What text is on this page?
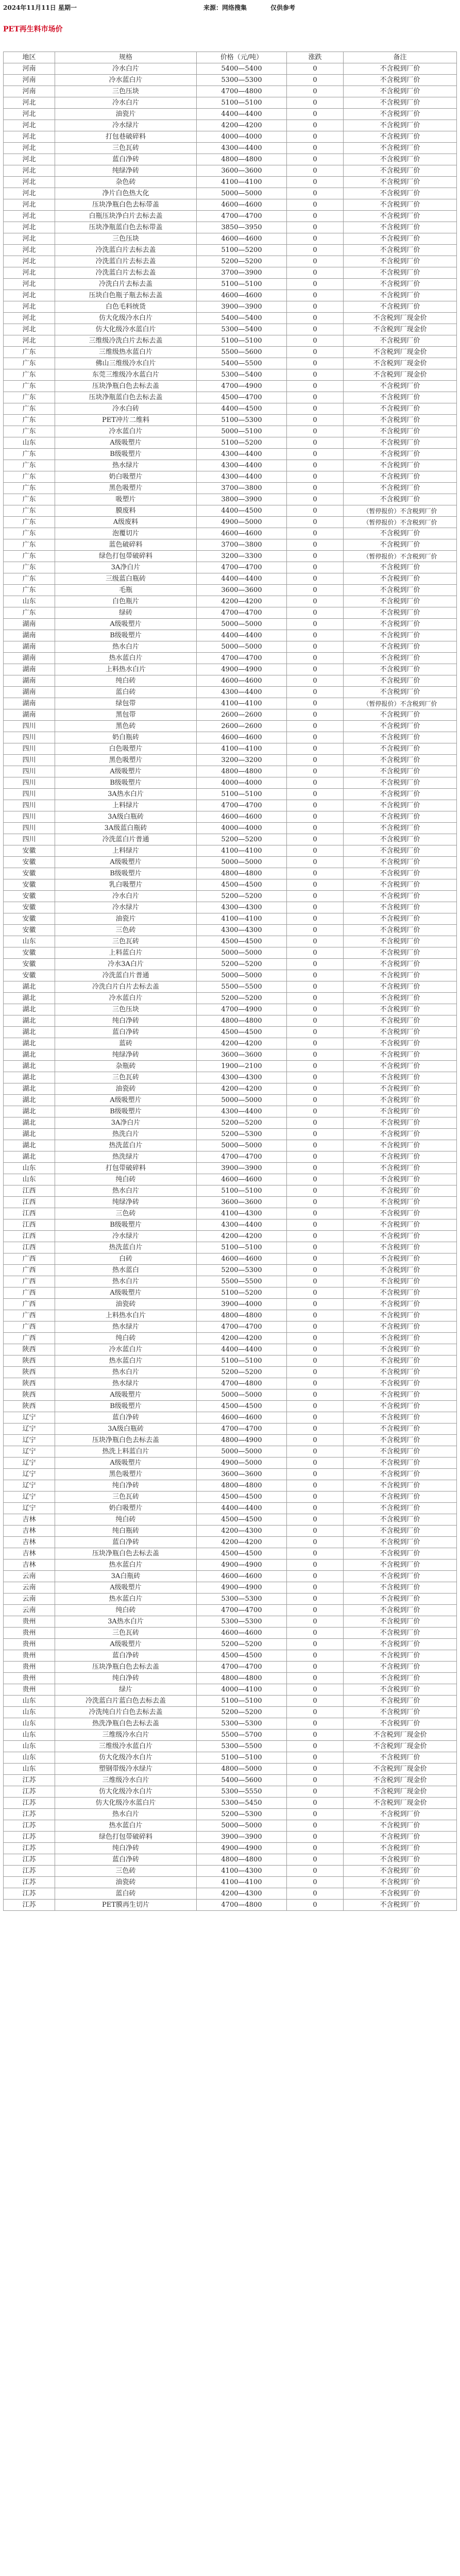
2024年11月11日 星期一	来源：网络搜集	仅供参考
PET再生料市场价
地区	规格	价格（元/吨）	涨跌	备注
河南	冷水白片	5400—5400	0	不含税到厂价
河南	冷水蓝白片	5300—5300	0	不含税到厂价
河南	三色压块	4700—4800	0	不含税到厂价
河北	冷水白片	5100—5100	0	不含税到厂价
河北	油瓷片	4400—4400	0	不含税到厂价
河北	冷水绿片	4200—4200	0	不含税到厂价
河北	打包巷破碎料	4000—4000	0	不含税到厂价
河北	三色瓦砖	4300—4400	0	不含税到厂价
河北	蓝白净砖	4800—4800	0	不含税到厂价
河北	纯绿净砖	3600—3600	0	不含税到厂价
河北	杂色砖	4100—4100	0	不含税到厂价
河北	净片白色热大化	5000—5000	0	不含税到厂价
河北	压块净瓶白色去标带盖	4600—4600	0	不含税到厂价
河北	白瓶压块净白片去标去盖	4700—4700	0	不含税到厂价
河北	压块净瓶蓝白色去标带盖	3850—3950	0	不含税到厂价
河北	三色压块	4600—4600	0	不含税到厂价
河北	冷洗蓝白片去标去盖	5100—5200	0	不含税到厂价
河北	冷洗蓝白片去标去盖	5200—5200	0	不含税到厂价
河北	冷洗蓝白片去标去盖	3700—3900	0	不含税到厂价
河北	冷洗白片去标去盖	5100—5100	0	不含税到厂价
河北	压块白色瓶子瓶去标去盖	4600—4600	0	不含税到厂价
河北	白色毛料统货	3900—3900	0	不含税到厂价
河北	仿大化级冷水白片	5400—5400	0	不含税到厂现金价
河北	仿大化级冷水蓝白片	5300—5400	0	不含税到厂现金价
河北	三维级冷洗白片去标去盖	5100—5100	0	不含税到厂价
广东	三维级热水蓝白片	5500—5600	0	不含税到厂现金价
广东	佛山三维级冷水白片	5400—5500	0	不含税到厂现金价
广东	东莞三维级冷水蓝白片	5300—5400	0	不含税到厂现金价
广东	压块净瓶白色去标去盖	4700—4900	0	不含税到厂价
广东	压块净瓶蓝白色去标去盖	4500—4700	0	不含税到厂价
广东	冷水白砖	4400—4500	0	不含税到厂价
广东	PET冲片二维料	5100—5300	0	不含税到厂价
广东	冷水蓝白片	5000—5100	0	不含税到厂价
山东	A级吸塑片	5100—5200	0	不含税到厂价
广东	B级吸塑片	4300—4400	0	不含税到厂价
广东	热水绿片	4300—4400	0	不含税到厂价
广东	奶白吸塑片	4300—4400	0	不含税到厂价
广东	黑色吸塑片	3700—3800	0	不含税到厂价
广东	吸塑片	3800—3900	0	不含税到厂价
广东	膜废料	4400—4500	0	（暂停报价）不含税到厂价
广东	A级废料	4900—5000	0	（暂停报价）不含税到厂价
广东	泡覆切片	4600—4600	0	不含税到厂价
广东	蓝色破碎料	3700—3800	0	不含税到厂价
广东	绿色打包带破碎料	3200—3300	0	（暂停报价）不含税到厂价
广东	3A净白片	4700—4700	0	不含税到厂价
广东	三级蓝白瓶砖	4400—4400	0	不含税到厂价
广东	毛瓶	3600—3600	0	不含税到厂价
山东	白色瓶片	4200—4200	0	不含税到厂价
广东	绿砖	4700—4700	0	不含税到厂价
湖南	A级吸塑片	5000—5000	0	不含税到厂价
湖南	B级吸塑片	4400—4400	0	不含税到厂价
湖南	热水白片	5000—5000	0	不含税到厂价
湖南	热水蓝白片	4700—4700	0	不含税到厂价
湖南	上料热水白片	4900—4900	0	不含税到厂价
湖南	纯白砖	4600—4600	0	不含税到厂价
湖南	蓝白砖	4300—4400	0	不含税到厂价
湖南	绿包带	4100—4100	0	（暂停报价）不含税到厂价
湖南	黑包带	2600—2600	0	不含税到厂价
四川	黑色砖	2600—2600	0	不含税到厂价
四川	奶白瓶砖	4600—4600	0	不含税到厂价
四川	白色吸塑片	4100—4100	0	不含税到厂价
四川	黑色吸塑片	3200—3200	0	不含税到厂价
四川	A级吸塑片	4800—4800	0	不含税到厂价
四川	B级吸塑片	4000—4000	0	不含税到厂价
四川	3A热水白片	5100—5100	0	不含税到厂价
四川	上料绿片	4700—4700	0	不含税到厂价
四川	3A级白瓶砖	4600—4600	0	不含税到厂价
四川	3A级蓝白瓶砖	4000—4000	0	不含税到厂价
四川	冷洗蓝白片普通	5200—5200	0	不含税到厂价
安徽	上料绿片	4100—4100	0	不含税到厂价
安徽	A级吸塑片	5000—5000	0	不含税到厂价
安徽	B级吸塑片	4800—4800	0	不含税到厂价
安徽	乳白吸塑片	4500—4500	0	不含税到厂价
安徽	冷水白片	5200—5200	0	不含税到厂价
安徽	冷水绿片	4300—4300	0	不含税到厂价
安徽	油瓷片	4100—4100	0	不含税到厂价
安徽	三色砖	4300—4300	0	不含税到厂价
山东	三色瓦砖	4500—4500	0	不含税到厂价
安徽	上料蓝白片	5000—5000	0	不含税到厂价
安徽	冷水3A白片	5200—5200	0	不含税到厂价
安徽	冷洗蓝白片普通	5000—5000	0	不含税到厂价
湖北	冷洗白片白片去标去盖	5500—5500	0	不含税到厂价
湖北	冷水蓝白片	5200—5200	0	不含税到厂价
湖北	三色压块	4700—4900	0	不含税到厂价
湖北	纯白净砖	4800—4800	0	不含税到厂价
湖北	蓝白净砖	4500—4500	0	不含税到厂价
湖北	蓝砖	4200—4200	0	不含税到厂价
湖北	纯绿净砖	3600—3600	0	不含税到厂价
湖北	杂瓶砖	1900—2100	0	不含税到厂价
湖北	三色瓦砖	4300—4300	0	不含税到厂价
湖北	油瓷砖	4200—4200	0	不含税到厂价
湖北	A级吸塑片	5000—5000	0	不含税到厂价
湖北	B级吸塑片	4300—4400	0	不含税到厂价
湖北	3A净白片	5200—5200	0	不含税到厂价
湖北	热洗白片	5200—5300	0	不含税到厂价
湖北	热洗蓝白片	5000—5000	0	不含税到厂价
湖北	热洗绿片	4700—4700	0	不含税到厂价
山东	打包带破碎料	3900—3900	0	不含税到厂价
山东	纯白砖	4600—4600	0	不含税到厂价
江西	热水白片	5100—5100	0	不含税到厂价
江西	纯绿净砖	3600—3600	0	不含税到厂价
江西	三色砖	4100—4300	0	不含税到厂价
江西	B级吸塑片	4300—4400	0	不含税到厂价
江西	冷水绿片	4200—4200	0	不含税到厂价
江西	热洗蓝白片	5100—5100	0	不含税到厂价
广西	白砖	4600—4600	0	不含税到厂价
广西	热水蓝白	5200—5300	0	不含税到厂价
广西	热水白片	5500—5500	0	不含税到厂价
广西	A级吸塑片	5100—5200	0	不含税到厂价
广西	油瓷砖	3900—4000	0	不含税到厂价
广西	上料热水白片	4800—4800	0	不含税到厂价
广西	热水绿片	4700—4700	0	不含税到厂价
广西	纯白砖	4200—4200	0	不含税到厂价
陕西	冷水蓝白片	4400—4400	0	不含税到厂价
陕西	热水蓝白片	5100—5100	0	不含税到厂价
陕西	热水白片	5200—5200	0	不含税到厂价
陕西	热水绿片	4700—4800	0	不含税到厂价
陕西	A级吸塑片	5000—5000	0	不含税到厂价
陕西	B级吸塑片	4500—4500	0	不含税到厂价
辽宁	蓝白净砖	4600—4600	0	不含税到厂价
辽宁	3A级白瓶砖	4700—4700	0	不含税到厂价
辽宁	压块净瓶白色去标去盖	4800—4900	0	不含税到厂价
辽宁	热洗上料蓝白片	5000—5000	0	不含税到厂价
辽宁	A级吸塑片	4900—5000	0	不含税到厂价
辽宁	黑色吸塑片	3600—3600	0	不含税到厂价
辽宁	纯白净砖	4800—4800	0	不含税到厂价
辽宁	三色瓦砖	4500—4500	0	不含税到厂价
辽宁	奶白吸塑片	4400—4400	0	不含税到厂价
吉林	纯白砖	4500—4500	0	不含税到厂价
吉林	纯白瓶砖	4200—4300	0	不含税到厂价
吉林	蓝白净砖	4200—4200	0	不含税到厂价
吉林	压块净瓶白色去标去盖	4500—4500	0	不含税到厂价
吉林	热水蓝白片	4900—4900	0	不含税到厂价
云南	3A白瓶砖	4600—4600	0	不含税到厂价
云南	A级吸塑片	4900—4900	0	不含税到厂价
云南	热水蓝白片	5300—5300	0	不含税到厂价
云南	纯白砖	4700—4700	0	不含税到厂价
贵州	3A热水白片	5300—5300	0	不含税到厂价
贵州	三色瓦砖	4600—4600	0	不含税到厂价
贵州	A级吸塑片	5200—5200	0	不含税到厂价
贵州	蓝白净砖	4500—4500	0	不含税到厂价
贵州	压块净瓶白色去标去盖	4700—4700	0	不含税到厂价
贵州	纯白净砖	4800—4800	0	不含税到厂价
贵州	绿片	4000—4100	0	不含税到厂价
山东	冷洗蓝白片蓝白色去标去盖	5100—5100	0	不含税到厂价
山东	冷洗纯白片白色去标去盖	5200—5200	0	不含税到厂价
山东	热洗净瓶白色去标去盖	5300—5300	0	不含税到厂价
山东	三维级冷水白片	5500—5700	0	不含税到厂现金价
山东	三维级冷水蓝白片	5300—5500	0	不含税到厂现金价
山东	仿大化级冷水白片	5100—5100	0	不含税到厂价
山东	塑钢带级冷水绿片	4800—5000	0	不含税到厂现金价
江苏	三维级冷水白片	5400—5600	0	不含税到厂现金价
江苏	仿大化级冷水白片	5300—5550	0	不含税到厂现金价
江苏	仿大化级冷水蓝白片	5300—5450	0	不含税到厂现金价
江苏	热水白片	5200—5300	0	不含税到厂价
江苏	热水蓝白片	5000—5000	0	不含税到厂价
江苏	绿色打包带破碎料	3900—3900	0	不含税到厂价
江苏	纯白净砖	4900—4900	0	不含税到厂价
江苏	蓝白净砖	4800—4800	0	不含税到厂价
江苏	三色砖	4100—4300	0	不含税到厂价
江苏	油瓷砖	4100—4100	0	不含税到厂价
江苏	蓝白砖	4200—4300	0	不含税到厂价
江苏	PET膜再生切片	4700—4800	0	不含税到厂价
